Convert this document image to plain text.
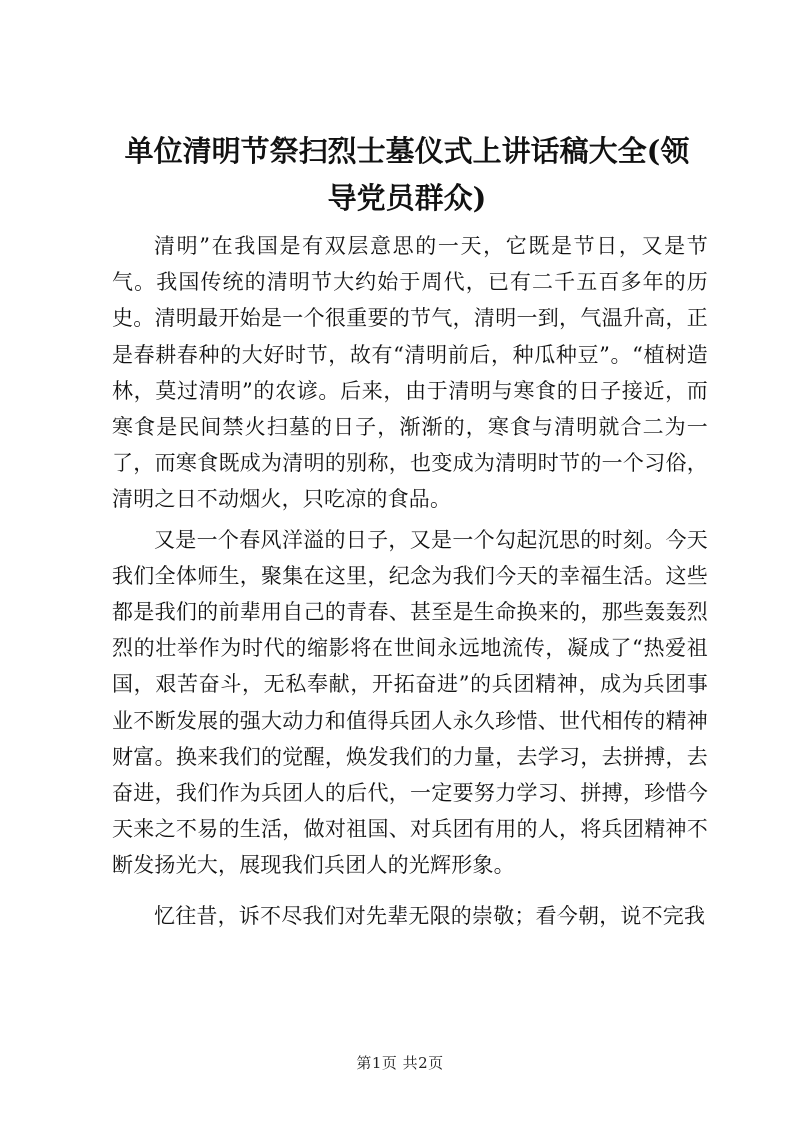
单位清明节祭扫烈士墓仪式上讲话稿大全(领导党员群众)

清明”在我国是有双层意思的一天，它既是节日，又是节气。我国传统的清明节大约始于周代，已有二千五百多年的历史。清明最开始是一个很重要的节气，清明一到，气温升高，正是春耕春种的大好时节，故有“清明前后，种瓜种豆”。“植树造林，莫过清明”的农谚。后来，由于清明与寒食的日子接近，而寒食是民间禁火扫墓的日子，渐渐的，寒食与清明就合二为一了，而寒食既成为清明的别称，也变成为清明时节的一个习俗，清明之日不动烟火，只吃凉的食品。

又是一个春风洋溢的日子，又是一个勾起沉思的时刻。今天我们全体师生，聚集在这里，纪念为我们今天的幸福生活。这些都是我们的前辈用自己的青春、甚至是生命换来的，那些轰轰烈烈的壮举作为时代的缩影将在世间永远地流传，凝成了“热爱祖国，艰苦奋斗，无私奉献，开拓奋进”的兵团精神，成为兵团事业不断发展的强大动力和值得兵团人永久珍惜、世代相传的精神财富。换来我们的觉醒，焕发我们的力量，去学习，去拼搏，去奋进，我们作为兵团人的后代，一定要努力学习、拼搏，珍惜今天来之不易的生活，做对祖国、对兵团有用的人，将兵团精神不断发扬光大，展现我们兵团人的光辉形象。

忆往昔，诉不尽我们对先辈无限的崇敬；看今朝，说不完我

第1页 共2页
